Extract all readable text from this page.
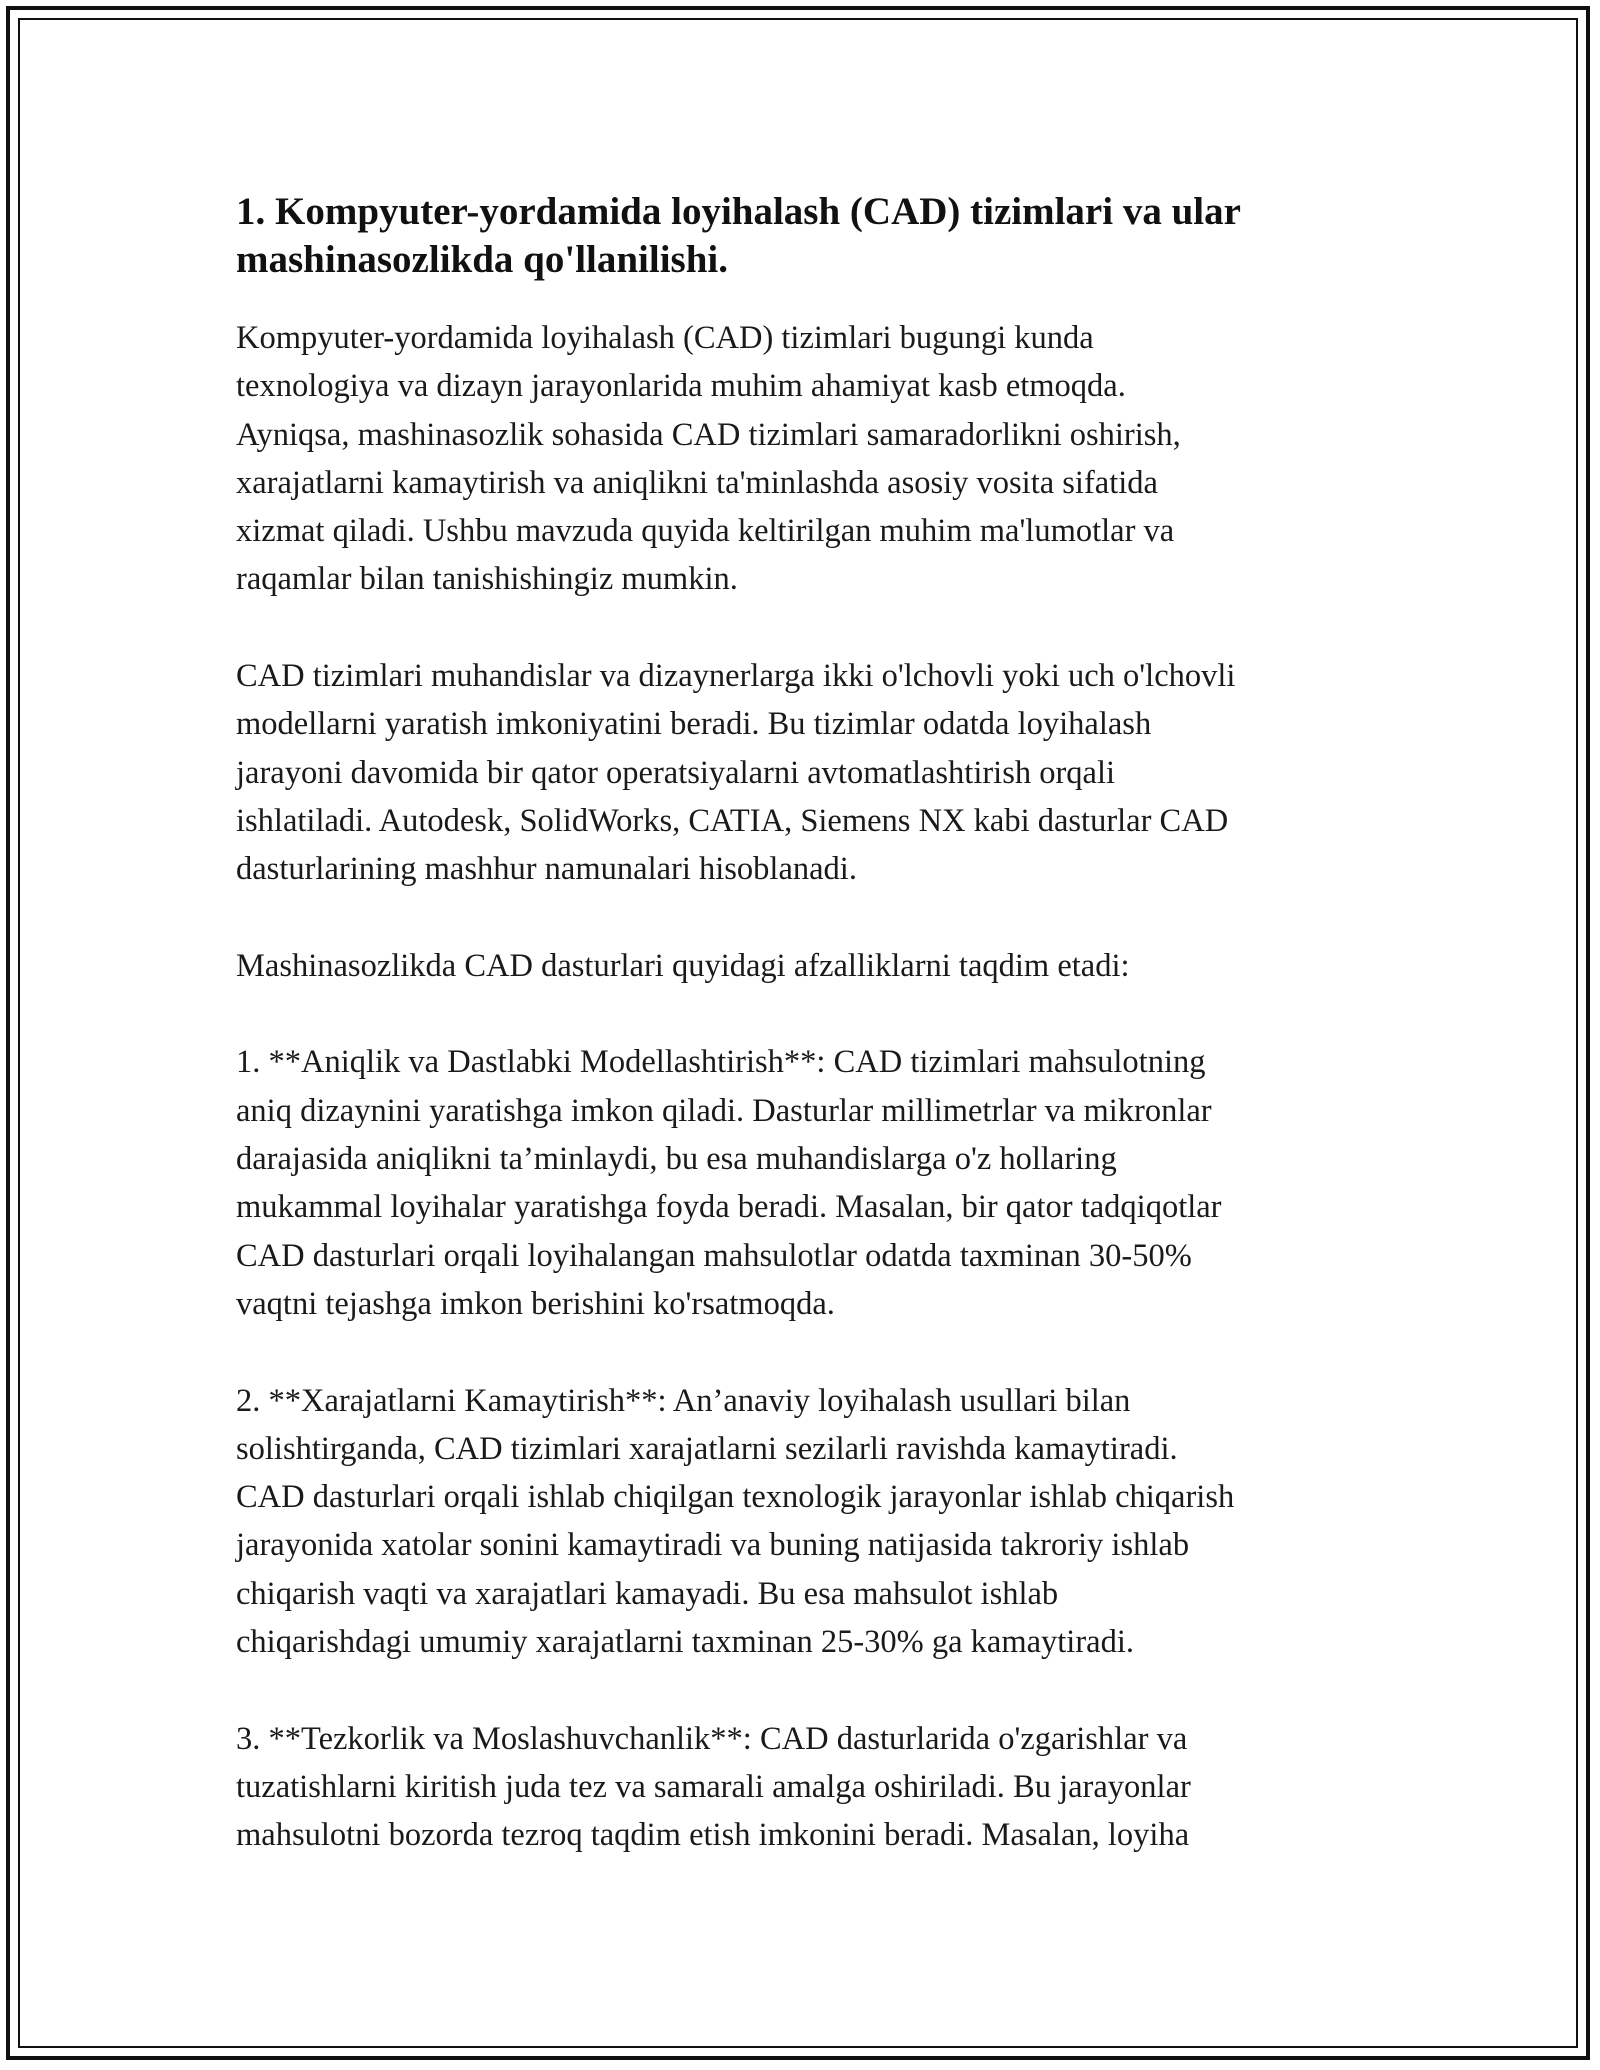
1. Kompyuter-yordamida loyihalash (CAD) tizimlari va ular
mashinasozlikda qo'llanilishi.

Kompyuter-yordamida loyihalash (CAD) tizimlari bugungi kunda
texnologiya va dizayn jarayonlarida muhim ahamiyat kasb etmoqda.
Ayniqsa, mashinasozlik sohasida CAD tizimlari samaradorlikni oshirish,
xarajatlarni kamaytirish va aniqlikni ta'minlashda asosiy vosita sifatida
xizmat qiladi. Ushbu mavzuda quyida keltirilgan muhim ma'lumotlar va
raqamlar bilan tanishishingiz mumkin.

CAD tizimlari muhandislar va dizaynerlarga ikki o'lchovli yoki uch o'lchovli
modellarni yaratish imkoniyatini beradi. Bu tizimlar odatda loyihalash
jarayoni davomida bir qator operatsiyalarni avtomatlashtirish orqali
ishlatiladi. Autodesk, SolidWorks, CATIA, Siemens NX kabi dasturlar CAD
dasturlarining mashhur namunalari hisoblanadi.

Mashinasozlikda CAD dasturlari quyidagi afzalliklarni taqdim etadi:

1. **Aniqlik va Dastlabki Modellashtirish**: CAD tizimlari mahsulotning
aniq dizaynini yaratishga imkon qiladi. Dasturlar millimetrlar va mikronlar
darajasida aniqlikni ta’minlaydi, bu esa muhandislarga o'z hollaring
mukammal loyihalar yaratishga foyda beradi. Masalan, bir qator tadqiqotlar
CAD dasturlari orqali loyihalangan mahsulotlar odatda taxminan 30-50%
vaqtni tejashga imkon berishini ko'rsatmoqda.

2. **Xarajatlarni Kamaytirish**: An’anaviy loyihalash usullari bilan
solishtirganda, CAD tizimlari xarajatlarni sezilarli ravishda kamaytiradi.
CAD dasturlari orqali ishlab chiqilgan texnologik jarayonlar ishlab chiqarish
jarayonida xatolar sonini kamaytiradi va buning natijasida takroriy ishlab
chiqarish vaqti va xarajatlari kamayadi. Bu esa mahsulot ishlab
chiqarishdagi umumiy xarajatlarni taxminan 25-30% ga kamaytiradi.

3. **Tezkorlik va Moslashuvchanlik**: CAD dasturlarida o'zgarishlar va
tuzatishlarni kiritish juda tez va samarali amalga oshiriladi. Bu jarayonlar
mahsulotni bozorda tezroq taqdim etish imkonini beradi. Masalan, loyiha
